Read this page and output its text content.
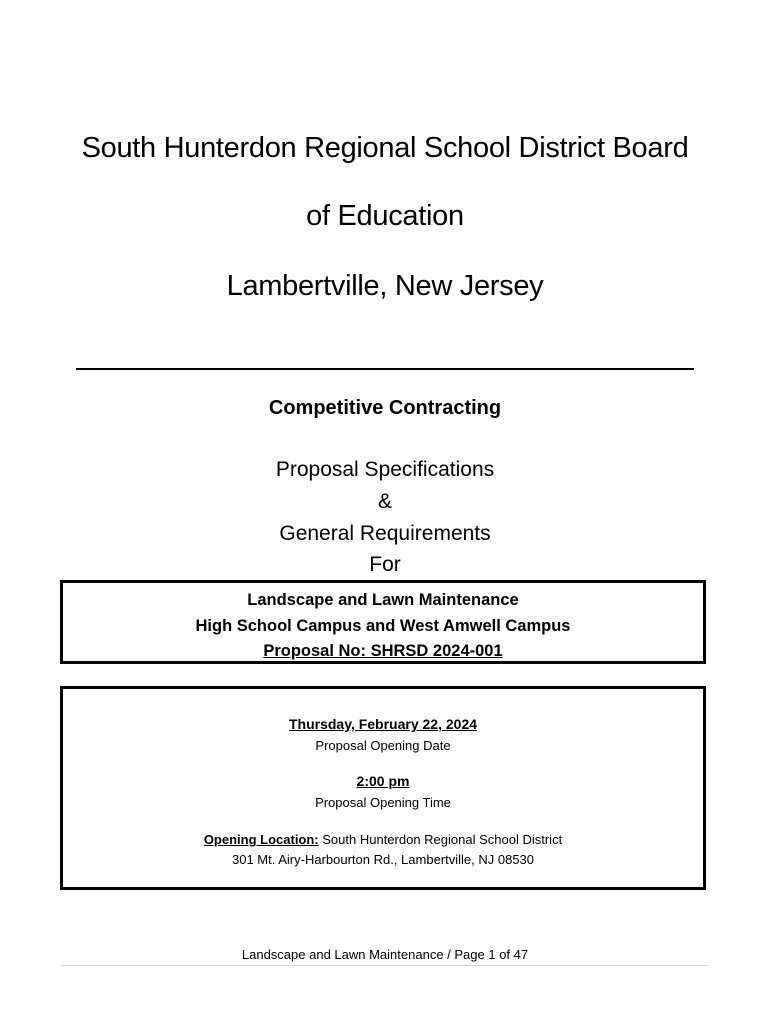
South Hunterdon Regional School District Board
of Education
Lambertville, New Jersey
Competitive Contracting
Proposal Specifications
&
General Requirements
For
Landscape and Lawn Maintenance
High School Campus and West Amwell Campus
Proposal No: SHRSD 2024-001
Thursday, February 22, 2024
Proposal Opening Date
2:00 pm
Proposal Opening Time
Opening Location: South Hunterdon Regional School District
301 Mt. Airy-Harbourton Rd., Lambertville, NJ 08530
Landscape and Lawn Maintenance / Page 1 of 47
